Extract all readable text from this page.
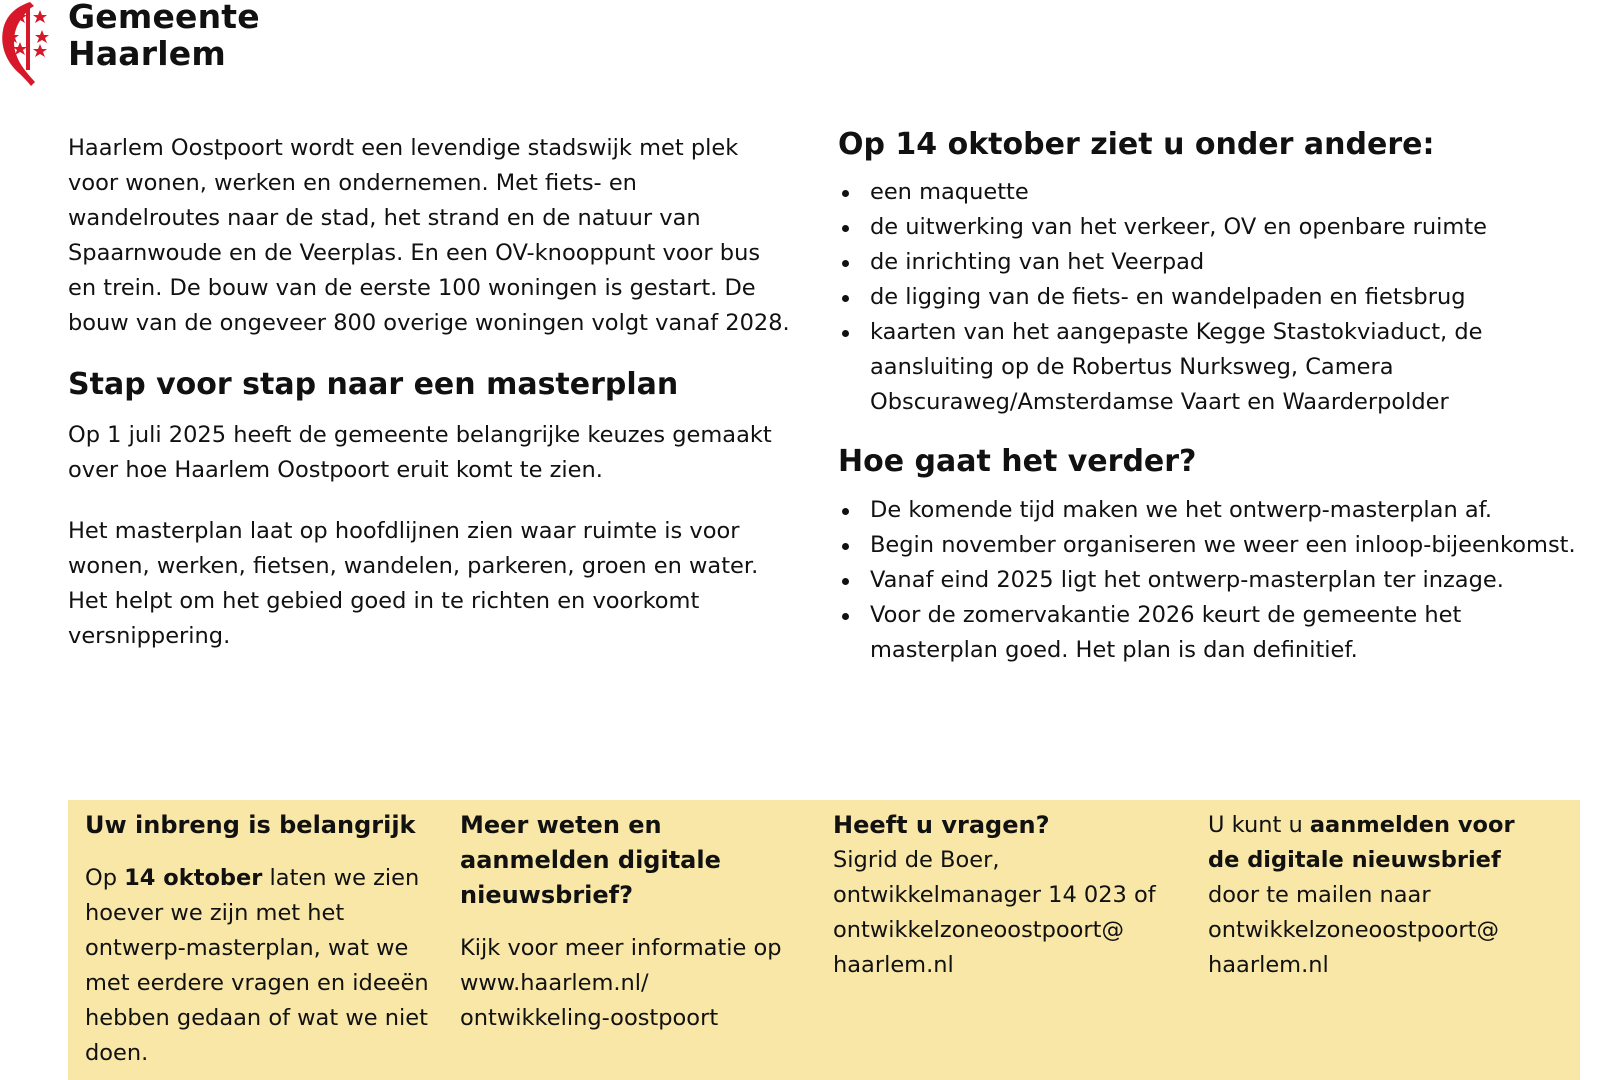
Gemeente
Haarlem

Haarlem Oostpoort wordt een levendige stadswijk met plek voor wonen, werken en ondernemen. Met fiets- en wandelroutes naar de stad, het strand en de natuur van Spaarnwoude en de Veerplas. En een OV-knooppunt voor bus en trein. De bouw van de eerste 100 woningen is gestart. De bouw van de ongeveer 800 overige woningen volgt vanaf 2028.

Stap voor stap naar een masterplan

Op 1 juli 2025 heeft de gemeente belangrijke keuzes gemaakt over hoe Haarlem Oostpoort eruit komt te zien.

Het masterplan laat op hoofdlijnen zien waar ruimte is voor wonen, werken, fietsen, wandelen, parkeren, groen en water. Het helpt om het gebied goed in te richten en voorkomt versnippering.

Op 14 oktober ziet u onder andere:
een maquette
de uitwerking van het verkeer, OV en openbare ruimte
de inrichting van het Veerpad
de ligging van de fiets- en wandelpaden en fietsbrug
kaarten van het aangepaste Kegge Stastokviaduct, de aansluiting op de Robertus Nurksweg, Camera Obscuraweg/Amsterdamse Vaart en Waarderpolder
Hoe gaat het verder?
De komende tijd maken we het ontwerp-masterplan af.
Begin november organiseren we weer een inloop-bijeenkomst.
Vanaf eind 2025 ligt het ontwerp-masterplan ter inzage.
Voor de zomervakantie 2026 keurt de gemeente het masterplan goed. Het plan is dan definitief.
Uw inbreng is belangrijk

Op 14 oktober laten we zien hoever we zijn met het ontwerp-masterplan, wat we met eerdere vragen en ideeën hebben gedaan of wat we niet doen.

Meer weten en aanmelden digitale nieuwsbrief?

Kijk voor meer informatie op www.haarlem.nl/ ontwikkeling-oostpoort

Heeft u vragen?

Sigrid de Boer, ontwikkelmanager 14 023 of ontwikkelzoneoostpoort@ haarlem.nl

U kunt u aanmelden voor de digitale nieuwsbrief door te mailen naar ontwikkelzoneoostpoort@ haarlem.nl
